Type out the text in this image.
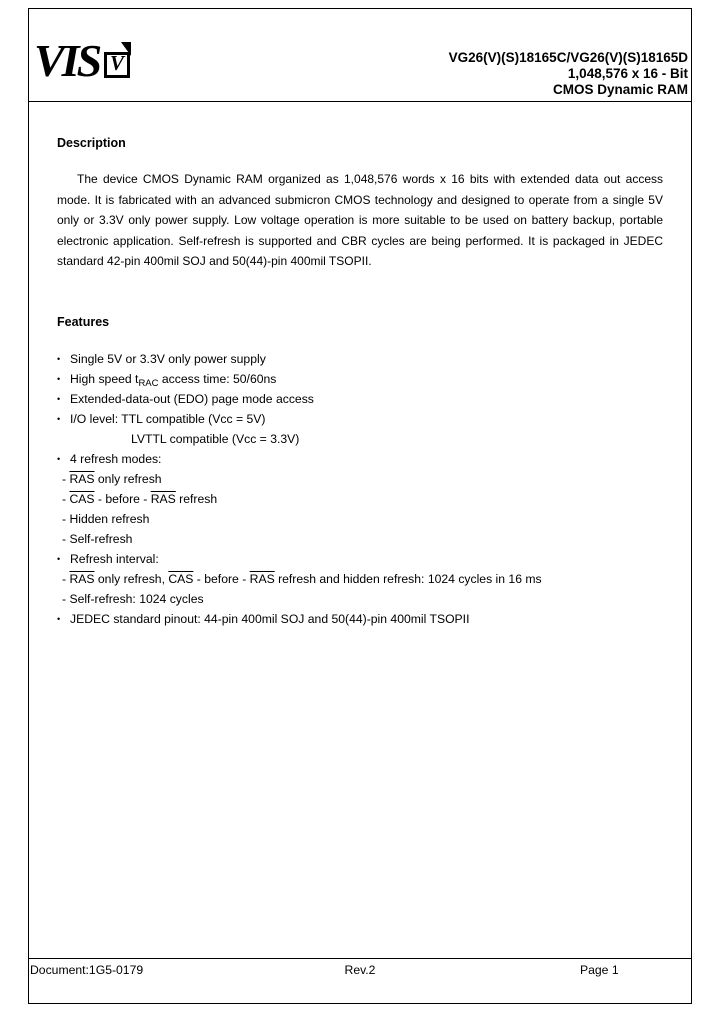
VIS V	VG26(V)(S)18165C/VG26(V)(S)18165D
1,048,576 x 16 - Bit
CMOS Dynamic RAM
Description
The device CMOS Dynamic RAM organized as 1,048,576 words x 16 bits with extended data out access mode. It is fabricated with an advanced submicron CMOS technology and designed to operate from a single 5V only or 3.3V only power supply. Low voltage operation is more suitable to be used on battery backup, portable electronic application. Self-refresh is supported and CBR cycles are being performed. It is packaged in JEDEC standard 42-pin 400mil SOJ and 50(44)-pin 400mil TSOPII.
Features
• Single 5V or 3.3V only power supply
• High speed $t_{RAC}$ access time: 50/60ns
• Extended-data-out (EDO) page mode access
• I/O level: TTL compatible (Vcc = 5V)
LVTTL compatible (Vcc = 3.3V)
• 4 refresh modes:
- $\overline{RAS}$ only refresh
- $\overline{CAS}$ - before - $\overline{RAS}$ refresh
- Hidden refresh
- Self-refresh
• Refresh interval:
- $\overline{RAS}$ only refresh, $\overline{CAS}$ - before - $\overline{RAS}$ refresh and hidden refresh: 1024 cycles in 16 ms
- Self-refresh: 1024 cycles
• JEDEC standard pinout: 44-pin 400mil SOJ and 50(44)-pin 400mil TSOPII
Document:1G5-0179	Rev.2	Page 1
